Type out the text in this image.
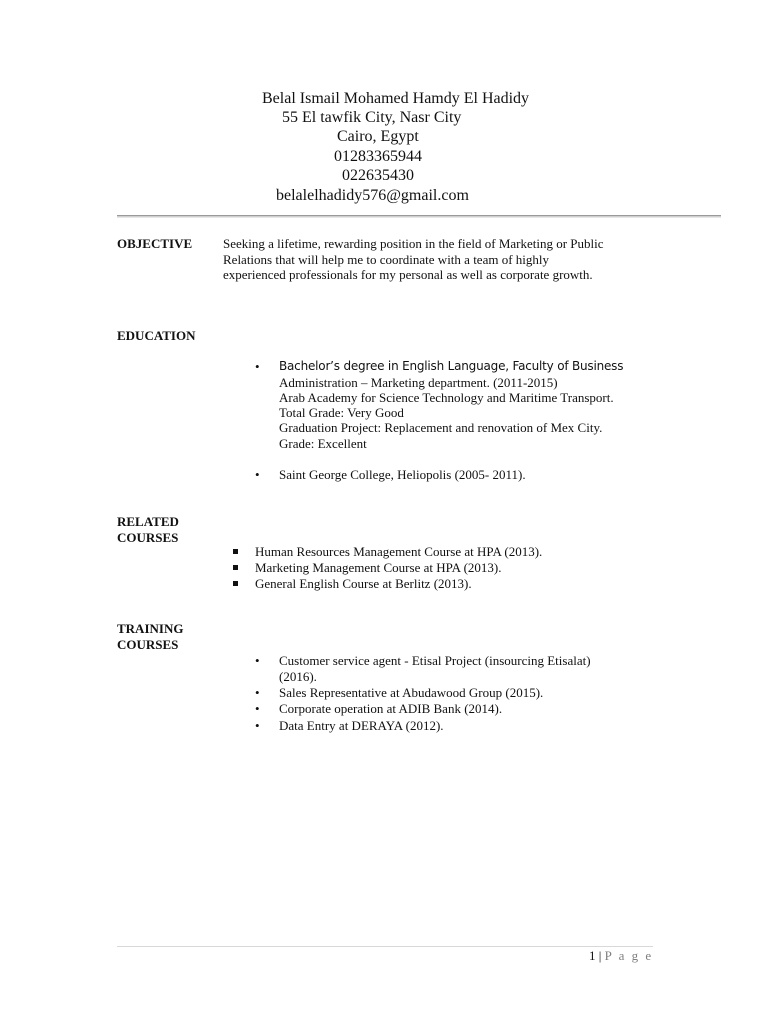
Belal Ismail Mohamed Hamdy El Hadidy
55 El tawfik City, Nasr City
Cairo, Egypt
01283365944
022635430
belalelhadidy576@gmail.com
OBJECTIVE	Seeking a lifetime, rewarding position in the field of Marketing or Public Relations that will help me to coordinate with a team of highly experienced professionals for my personal as well as corporate growth.
EDUCATION
• Bachelor’s degree in English Language, Faculty of Business
Administration – Marketing department. (2011-2015)
Arab Academy for Science Technology and Maritime Transport.
Total Grade: Very Good
Graduation Project: Replacement and renovation of Mex City.
Grade: Excellent
• Saint George College, Heliopolis (2005- 2011).
RELATED
COURSES
Human Resources Management Course at HPA (2013).
Marketing Management Course at HPA (2013).
General English Course at Berlitz (2013).
TRAINING
COURSES
• Customer service agent - Etisal Project (insourcing Etisalat)
(2016).
• Sales Representative at Abudawood Group (2015).
• Corporate operation at ADIB Bank (2014).
• Data Entry at DERAYA (2012).
1 | P a g e
